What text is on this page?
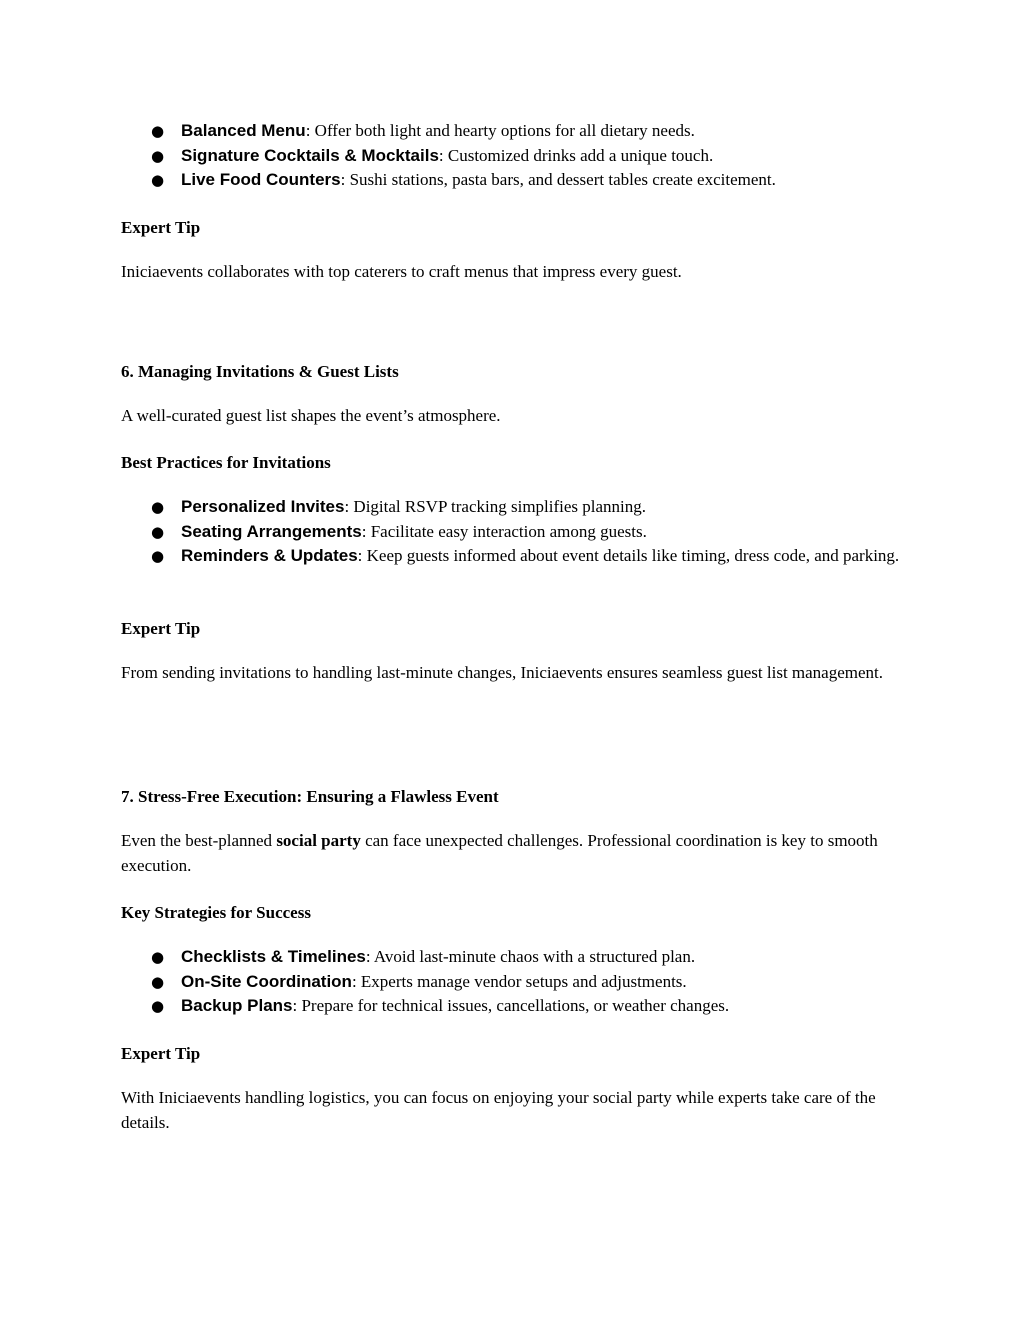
● Balanced Menu: Offer both light and hearty options for all dietary needs.
● Signature Cocktails & Mocktails: Customized drinks add a unique touch.
● Live Food Counters: Sushi stations, pasta bars, and dessert tables create excitement.

Expert Tip

Iniciaevents collaborates with top caterers to craft menus that impress every guest.

6. Managing Invitations & Guest Lists

A well-curated guest list shapes the event’s atmosphere.

Best Practices for Invitations

● Personalized Invites: Digital RSVP tracking simplifies planning.
● Seating Arrangements: Facilitate easy interaction among guests.
● Reminders & Updates: Keep guests informed about event details like timing, dress code, and parking.

Expert Tip

From sending invitations to handling last-minute changes, Iniciaevents ensures seamless guest list management.

7. Stress-Free Execution: Ensuring a Flawless Event

Even the best-planned social party can face unexpected challenges. Professional coordination is key to smooth execution.

Key Strategies for Success

● Checklists & Timelines: Avoid last-minute chaos with a structured plan.
● On-Site Coordination: Experts manage vendor setups and adjustments.
● Backup Plans: Prepare for technical issues, cancellations, or weather changes.

Expert Tip

With Iniciaevents handling logistics, you can focus on enjoying your social party while experts take care of the details.
